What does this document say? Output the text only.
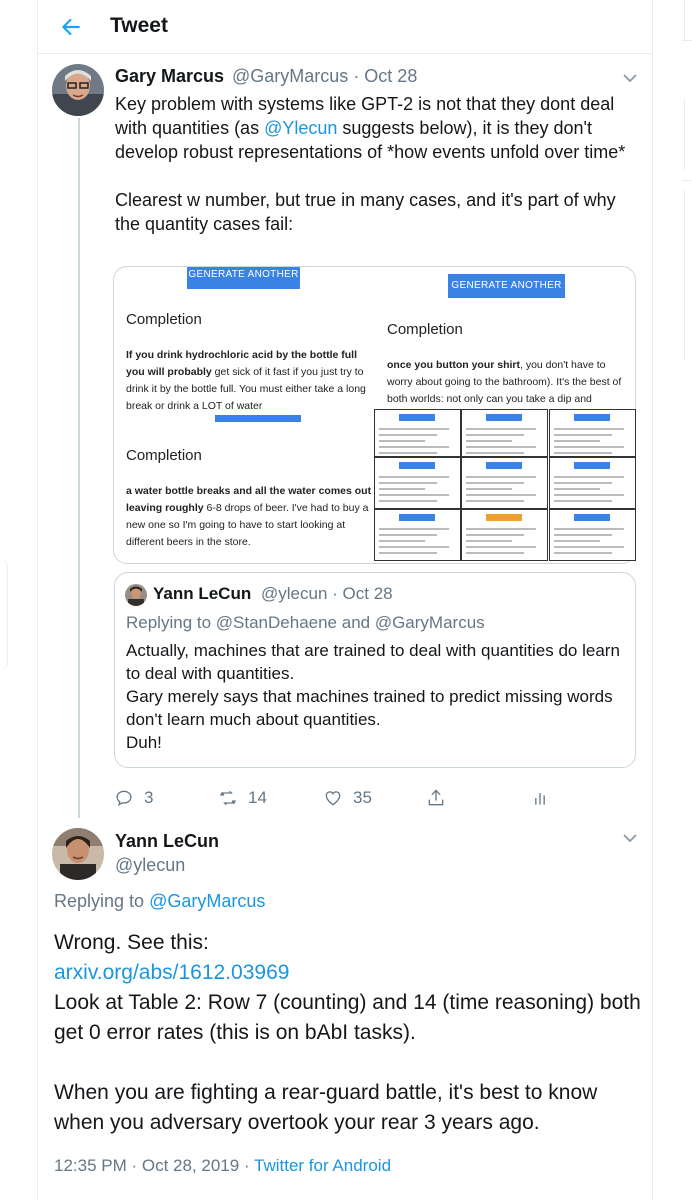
Tweet
Gary Marcus @GaryMarcus · Oct 28

Key problem with systems like GPT-2 is not that they dont deal with quantities (as @Ylecun suggests below), it is they don't develop robust representations of *how events unfold over time*

Clearest w number, but true in many cases, and it's part of why the quantity cases fail:

GENERATE ANOTHER
GENERATE ANOTHER
Completion
If you drink hydrochloric acid by the bottle full you will probably get sick of it fast if you just try to drink it by the bottle full. You must either take a long break or drink a LOT of water
Completion
a water bottle breaks and all the water comes out leaving roughly 6-8 drops of beer. I've had to buy a new one so I'm going to have to start looking at different beers in the store.
Completion
once you button your shirt, you don't have to worry about going to the bathroom). It's the best of both worlds: not only can you take a dip and
Yann LeCun @ylecun · Oct 28
Replying to @StanDehaene and @GaryMarcus

Actually, machines that are trained to deal with quantities do learn to deal with quantities.

Gary merely says that machines trained to predict missing words don't learn much about quantities.

Duh!

3	14	35
Yann LeCun
@ylecun
Replying to @GaryMarcus

Wrong. See this:

arxiv.org/abs/1612.03969

Look at Table 2: Row 7 (counting) and 14 (time reasoning) both get 0 error rates (this is on bAbI tasks).

When you are fighting a rear-guard battle, it's best to know when you adversary overtook your rear 3 years ago.

12:35 PM · Oct 28, 2019 · Twitter for Android
